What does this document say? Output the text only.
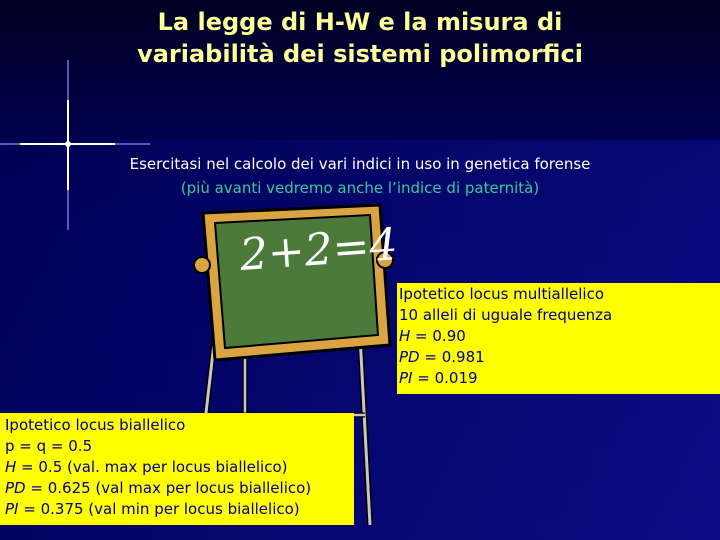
La legge di H-W e la misura di
variabilità dei sistemi polimorfici
Esercitasi nel calcolo dei vari indici in uso in genetica forense
(più avanti vedremo anche l’indice di paternità)
2+2=4
Ipotetico locus multiallelico
10 alleli di uguale frequenza
H = 0.90
PD = 0.981
PI = 0.019
Ipotetico locus biallelico
p = q = 0.5
H = 0.5 (val. max per locus biallelico)
PD = 0.625 (val max per locus biallelico)
PI = 0.375 (val min per locus biallelico)
